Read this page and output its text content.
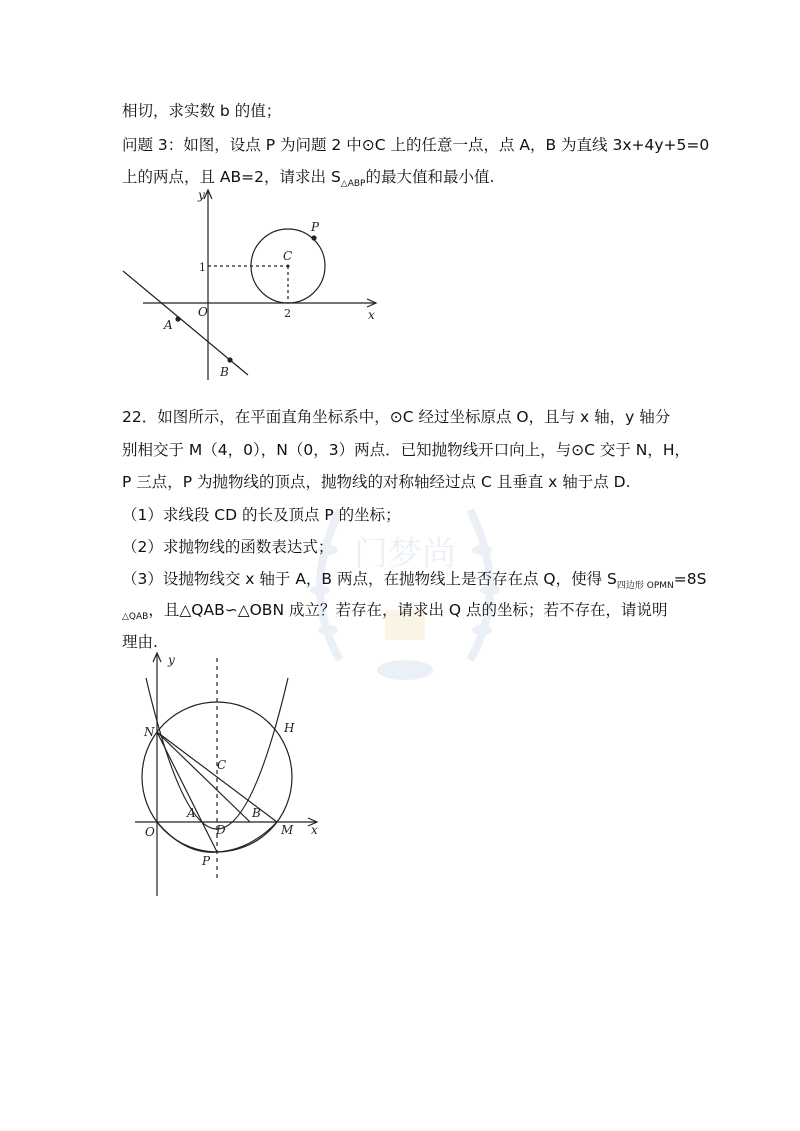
门梦尚
相切，求实数 b 的值；
问题 3：如图，设点 P 为问题 2 中⊙C 上的任意一点，点 A，B 为直线 3x+4y+5=0
上的两点，且 AB=2，请求出 $S_{\triangle ABP}$的最大值和最小值.
y
x
O
C
P
A
B
1
2
22．如图所示，在平面直角坐标系中，⊙C 经过坐标原点 O，且与 x 轴，y 轴分
别相交于 M（4，0），N（0，3）两点．已知抛物线开口向上，与⊙C 交于 N，H，
P 三点，P 为抛物线的顶点，抛物线的对称轴经过点 C 且垂直 x 轴于点 D.
（1）求线段 CD 的长及顶点 P 的坐标；
（2）求抛物线的函数表达式；
（3）设抛物线交 x 轴于 A，B 两点，在抛物线上是否存在点 Q，使得 $S_{四边形 OPMN}=8S$
$_{\triangle QAB}$，且△QAB∽△OBN 成立？若存在，请求出 Q 点的坐标；若不存在，请说明
理由.
y
x
O
N
C
H
A
D
B
M
P
